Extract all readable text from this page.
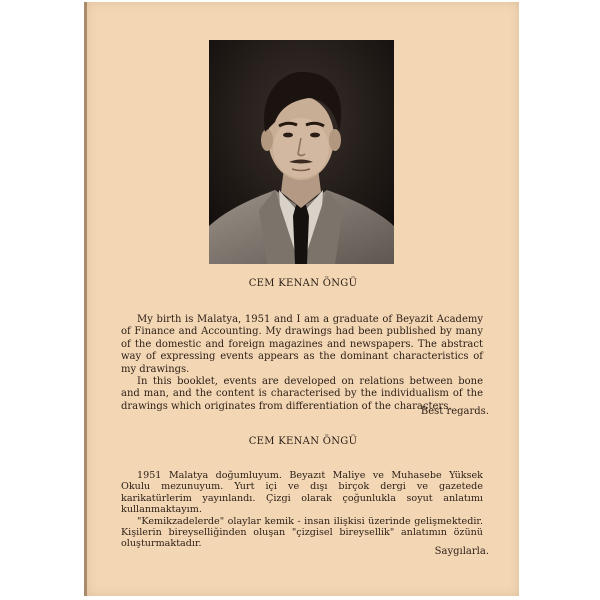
CEM KENAN ÖNGÜ

My birth is Malatya, 1951 and I am a graduate of Beyazit Academy of Finance and Accounting. My drawings had been published by many of the domestic and foreign magazines and newspapers. The abstract way of expressing events appears as the dominant characteristics of my drawings.

In this booklet, events are developed on relations between bone and man, and the content is characterised by the individualism of the drawings which originates from differentiation of the characters.

Best regards.
CEM KENAN ÖNGÜ

1951 Malatya doğumluyum. Beyazıt Maliye ve Muhasebe Yüksek Okulu mezunuyum. Yurt içi ve dışı birçok dergi ve gazetede karikatürlerim yayınlandı. Çizgi olarak çoğunlukla soyut anlatımı kullanmaktayım.

"Kemikzadelerde" olaylar kemik - insan ilişkisi üzerinde gelişmektedir. Kişilerin bireyselliğinden oluşan "çizgisel bireysellik" anlatımın özünü oluşturmaktadır.

Saygılarla.
